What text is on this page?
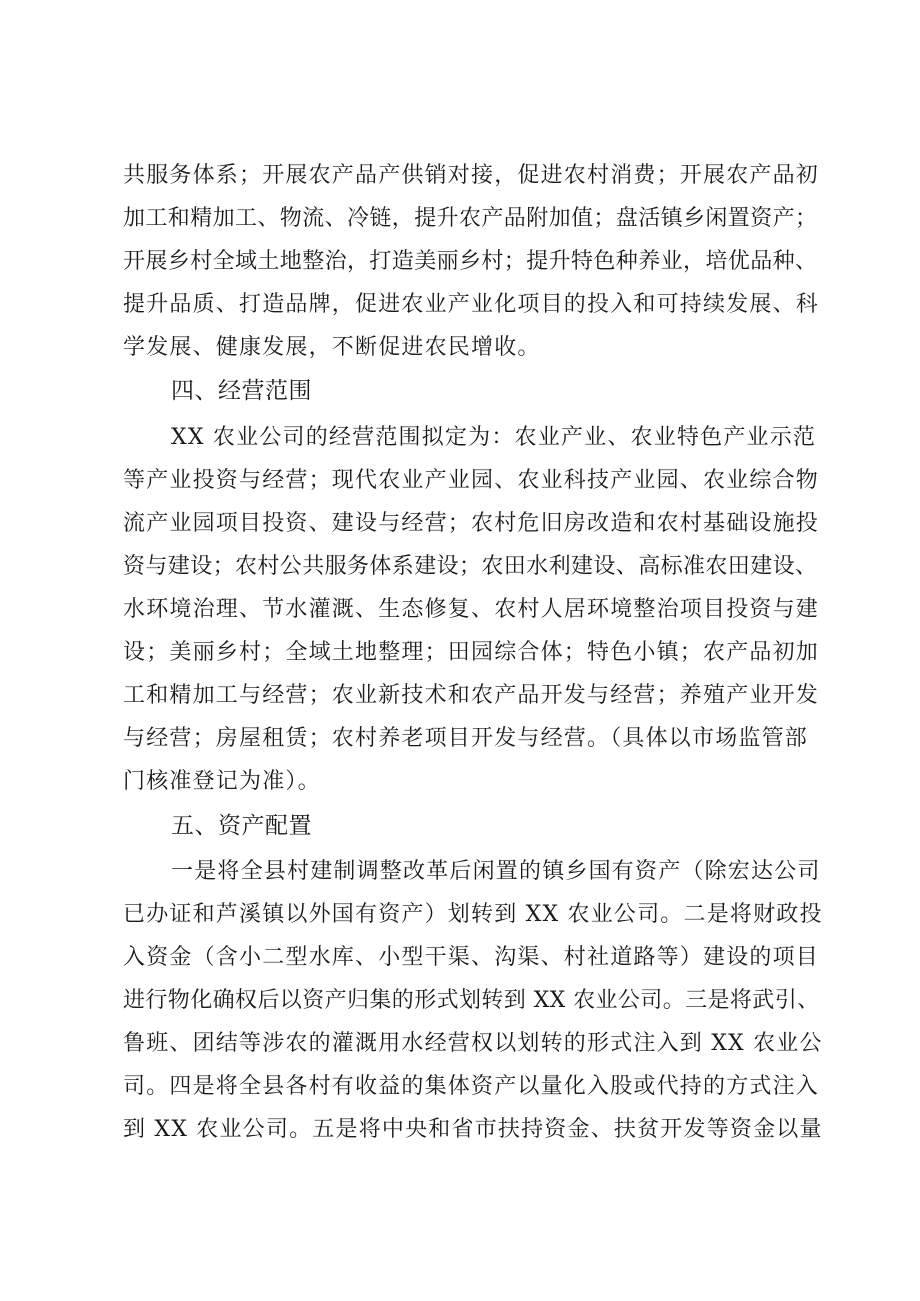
共服务体系；开展农产品产供销对接，促进农村消费；开展农产品初
加工和精加工、物流、冷链，提升农产品附加值；盘活镇乡闲置资产；
开展乡村全域土地整治，打造美丽乡村；提升特色种养业，培优品种、
提升品质、打造品牌，促进农业产业化项目的投入和可持续发展、科
学发展、健康发展，不断促进农民增收。
四、经营范围
XX 农业公司的经营范围拟定为：农业产业、农业特色产业示范
等产业投资与经营；现代农业产业园、农业科技产业园、农业综合物
流产业园项目投资、建设与经营；农村危旧房改造和农村基础设施投
资与建设；农村公共服务体系建设；农田水利建设、高标准农田建设、
水环境治理、节水灌溉、生态修复、农村人居环境整治项目投资与建
设；美丽乡村；全域土地整理；田园综合体；特色小镇；农产品初加
工和精加工与经营；农业新技术和农产品开发与经营；养殖产业开发
与经营；房屋租赁；农村养老项目开发与经营。（具体以市场监管部
门核准登记为准）。
五、资产配置
一是将全县村建制调整改革后闲置的镇乡国有资产（除宏达公司
已办证和芦溪镇以外国有资产）划转到 XX 农业公司。二是将财政投
入资金（含小二型水库、小型干渠、沟渠、村社道路等）建设的项目
进行物化确权后以资产归集的形式划转到 XX 农业公司。三是将武引、
鲁班、团结等涉农的灌溉用水经营权以划转的形式注入到 XX 农业公
司。四是将全县各村有收益的集体资产以量化入股或代持的方式注入
到 XX 农业公司。五是将中央和省市扶持资金、扶贫开发等资金以量
